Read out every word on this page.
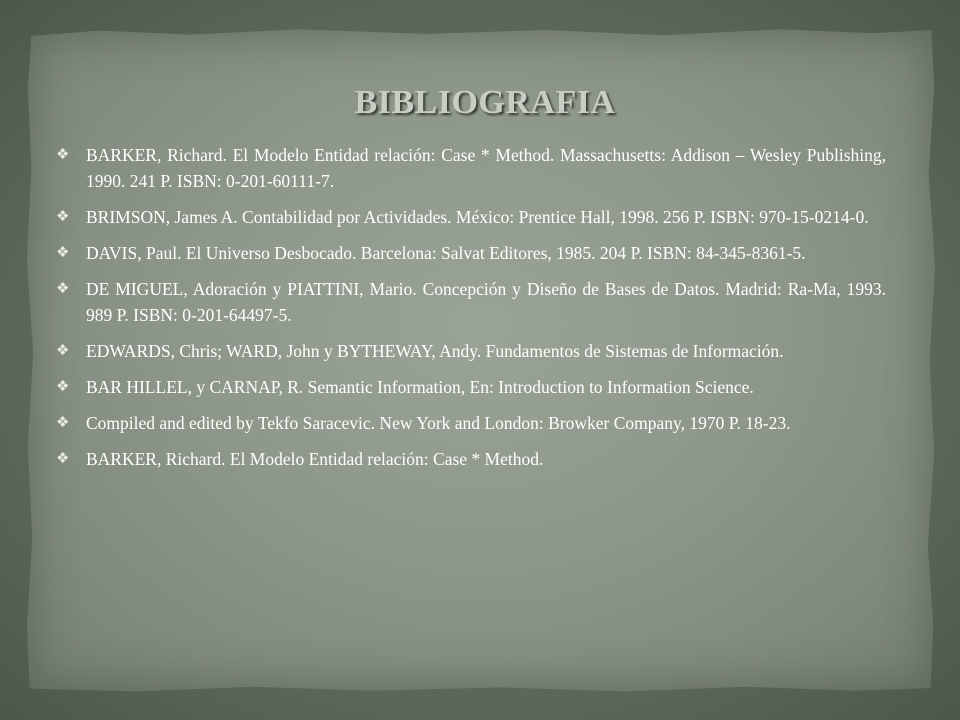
BIBLIOGRAFIA
❖ BARKER, Richard. El Modelo Entidad relación: Case * Method. Massachusetts: Addison – Wesley Publishing, 1990. 241 P. ISBN: 0-201-60111-7.
❖ BRIMSON, James A. Contabilidad por Actividades. México: Prentice Hall, 1998. 256 P. ISBN: 970-15-0214-0.
❖ DAVIS, Paul. El Universo Desbocado. Barcelona: Salvat Editores, 1985. 204 P. ISBN: 84-345-8361-5.
❖ DE MIGUEL, Adoración y PIATTINI, Mario. Concepción y Diseño de Bases de Datos. Madrid: Ra-Ma, 1993. 989 P. ISBN: 0-201-64497-5.
❖ EDWARDS, Chris; WARD, John y BYTHEWAY, Andy. Fundamentos de Sistemas de Información.
❖ BAR HILLEL, y CARNAP, R. Semantic Information, En: Introduction to Information Science.
❖ Compiled and edited by Tekfo Saracevic. New York and London: Browker Company, 1970 P. 18-23.
❖ BARKER, Richard. El Modelo Entidad relación: Case * Method.
